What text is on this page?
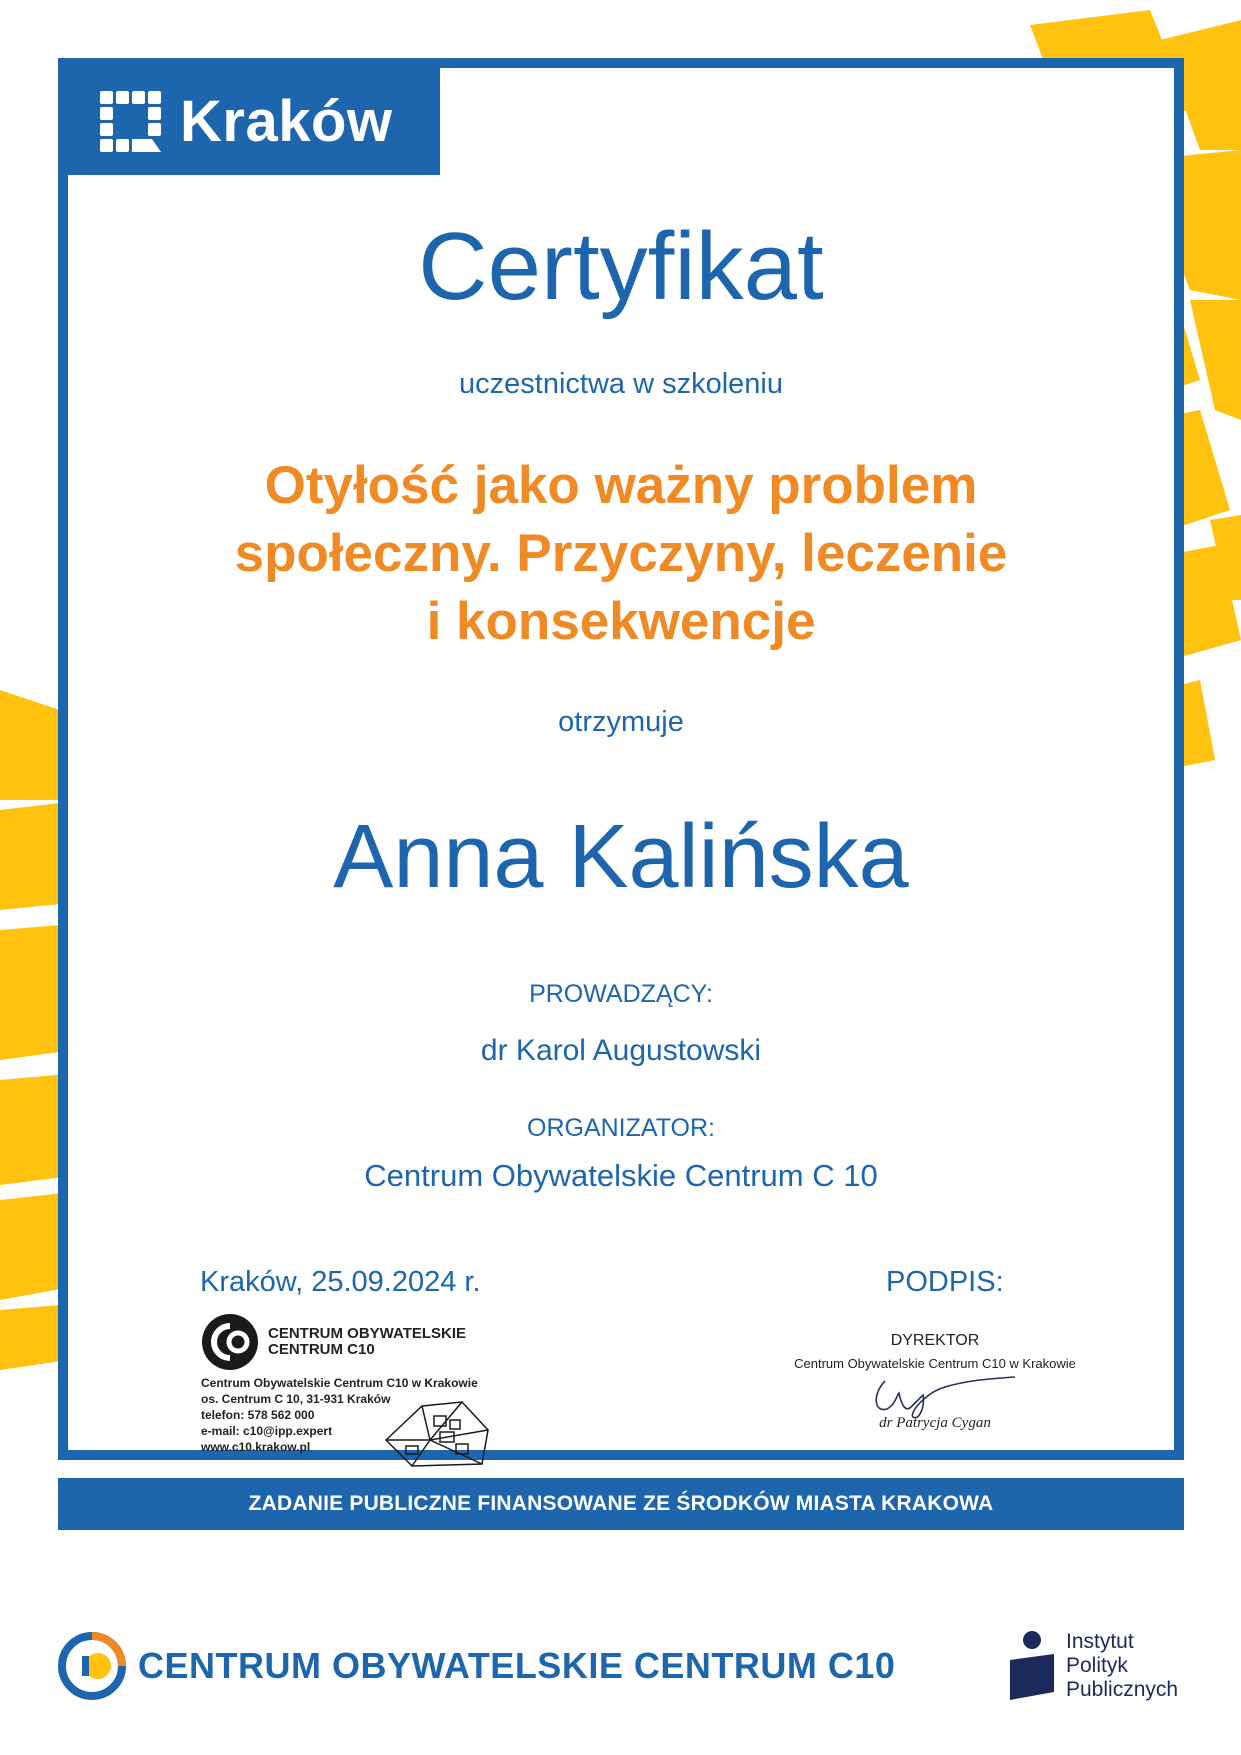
Kraków
Certyfikat
uczestnictwa w szkoleniu
Otyłość jako ważny problem
społeczny. Przyczyny, leczenie
i konsekwencje
otrzymuje
Anna Kalińska
PROWADZĄCY:
dr Karol Augustowski
ORGANIZATOR:
Centrum Obywatelskie Centrum C 10
Kraków, 25.09.2024 r.	PODPIS:
CENTRUM OBYWATELSKIE
CENTRUM C10
Centrum Obywatelskie Centrum C10 w Krakowie
os. Centrum C 10, 31-931 Kraków
telefon: 578 562 000
e-mail: c10@ipp.expert
www.c10.krakow.pl
DYREKTOR
Centrum Obywatelskie Centrum C10 w Krakowie
dr Patrycja Cygan
ZADANIE PUBLICZNE FINANSOWANE ZE ŚRODKÓW MIASTA KRAKOWA
CENTRUM OBYWATELSKIE CENTRUM C10
Instytut
Polityk
Publicznych
